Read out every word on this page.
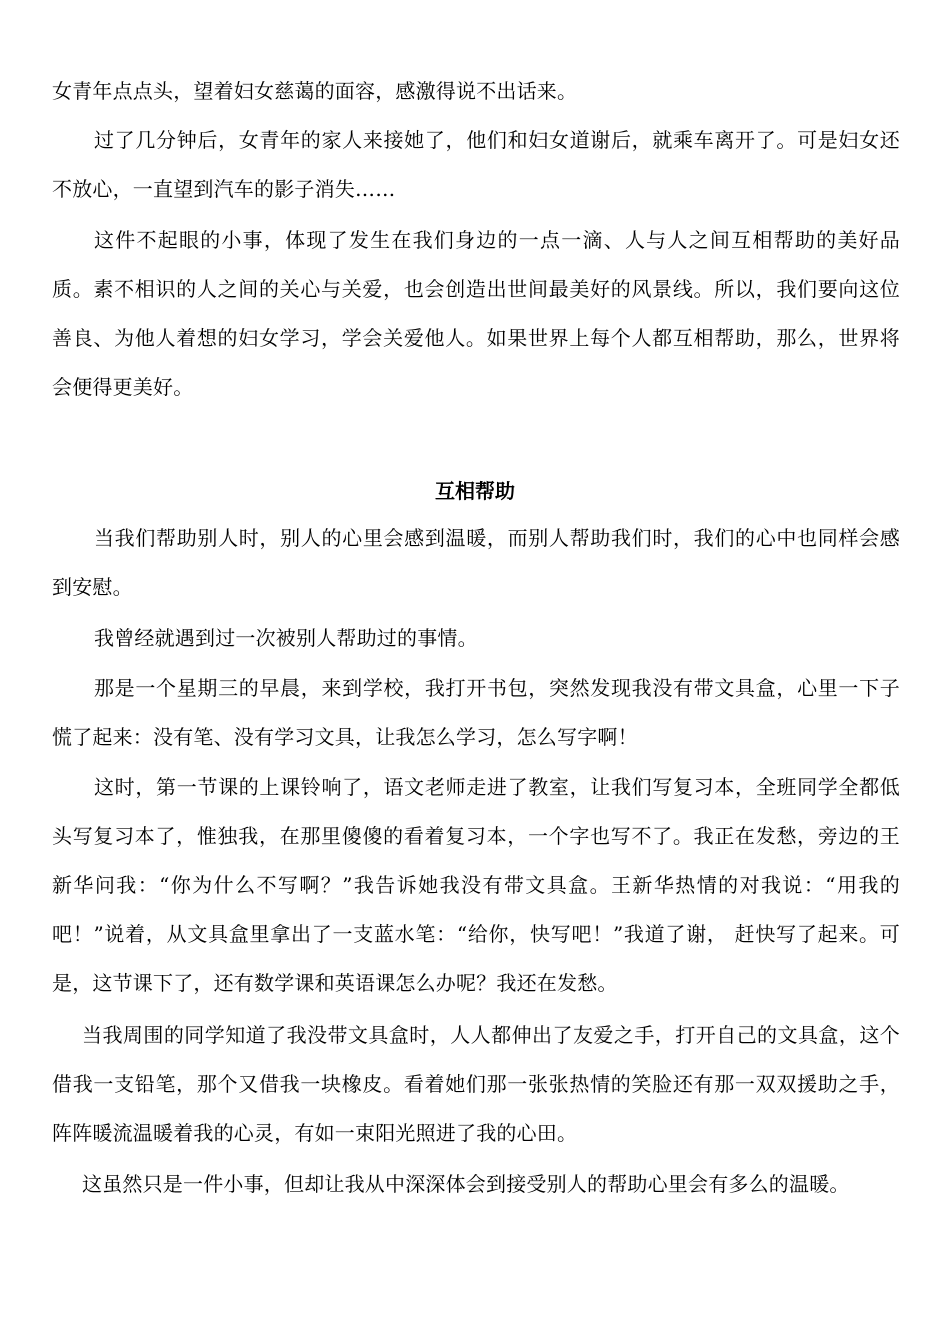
女青年点点头，望着妇女慈蔼的面容，感激得说不出话来。

过了几分钟后，女青年的家人来接她了，他们和妇女道谢后，就乘车离开了。可是妇女还不放心，一直望到汽车的影子消失……

这件不起眼的小事，体现了发生在我们身边的一点一滴、人与人之间互相帮助的美好品质。素不相识的人之间的关心与关爱，也会创造出世间最美好的风景线。所以，我们要向这位善良、为他人着想的妇女学习，学会关爱他人。如果世界上每个人都互相帮助，那么，世界将会便得更美好。

互相帮助

当我们帮助别人时，别人的心里会感到温暖，而别人帮助我们时，我们的心中也同样会感到安慰。

我曾经就遇到过一次被别人帮助过的事情。

那是一个星期三的早晨，来到学校，我打开书包，突然发现我没有带文具盒，心里一下子慌了起来：没有笔、没有学习文具，让我怎么学习，怎么写字啊！

这时，第一节课的上课铃响了，语文老师走进了教室，让我们写复习本，全班同学全都低头写复习本了，惟独我，在那里傻傻的看着复习本，一个字也写不了。我正在发愁，旁边的王新华问我：“你为什么不写啊？”我告诉她我没有带文具盒。王新华热情的对我说：“用我的吧！”说着，从文具盒里拿出了一支蓝水笔：“给你，快写吧！”我道了谢， 赶快写了起来。可是，这节课下了，还有数学课和英语课怎么办呢？我还在发愁。

当我周围的同学知道了我没带文具盒时，人人都伸出了友爱之手，打开自己的文具盒，这个借我一支铅笔，那个又借我一块橡皮。看着她们那一张张热情的笑脸还有那一双双援助之手，阵阵暖流温暖着我的心灵，有如一束阳光照进了我的心田。

这虽然只是一件小事，但却让我从中深深体会到接受别人的帮助心里会有多么的温暖。
